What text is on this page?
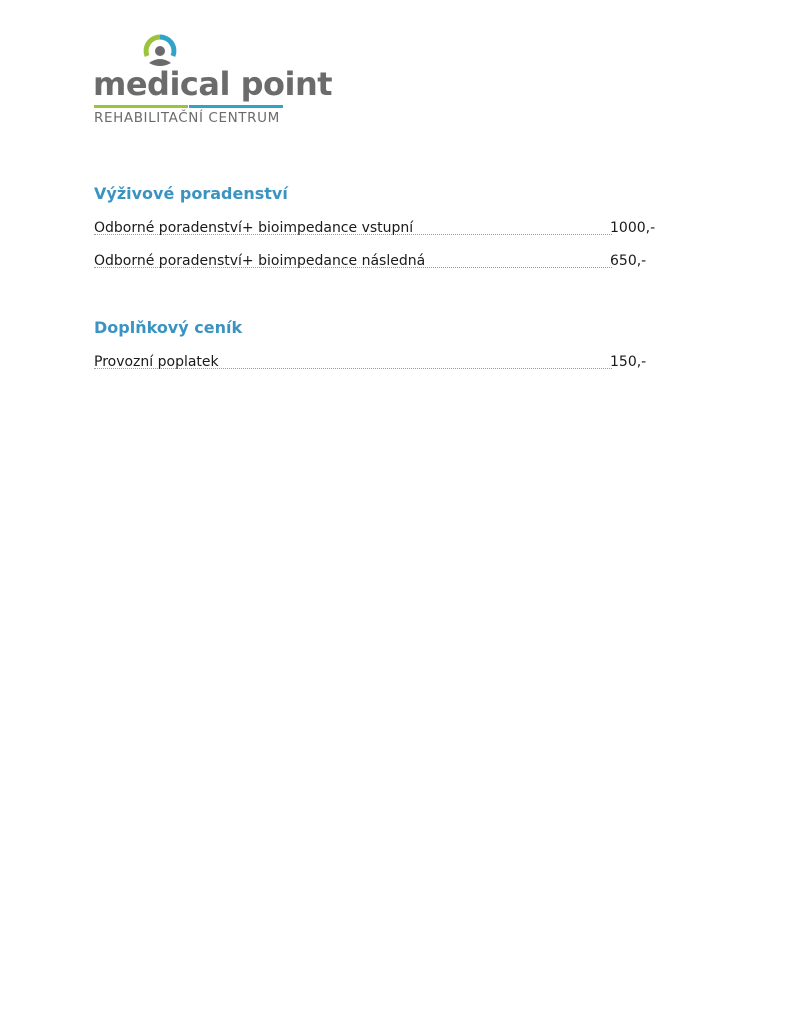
medical point
REHABILITAČNÍ CENTRUM
Výživové poradenství
Odborné poradenství+ bioimpedance vstupní	1000,-
Odborné poradenství+ bioimpedance následná	650,-
Doplňkový ceník
Provozní poplatek	150,-
